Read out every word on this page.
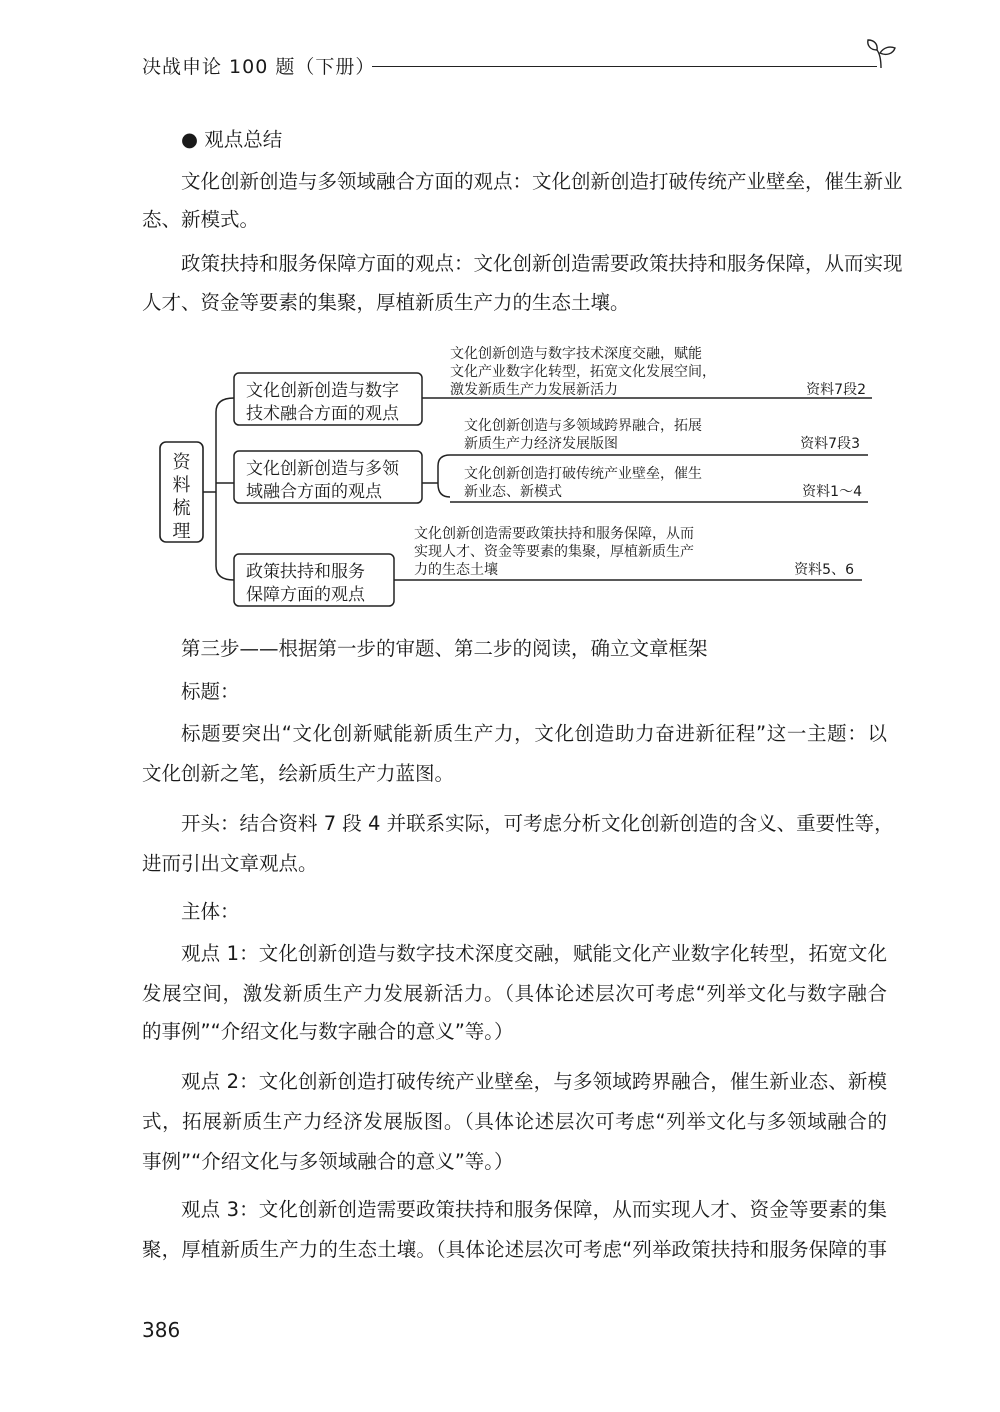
决战申论 100 题（下册）
● 观点总结
文化创新创造与多领域融合方面的观点：文化创新创造打破传统产业壁垒，催生新业
态、新模式。
政策扶持和服务保障方面的观点：文化创新创造需要政策扶持和服务保障，从而实现
人才、资金等要素的集聚，厚植新质生产力的生态土壤。
资
料
梳
理
文化创新创造与数字
技术融合方面的观点
文化创新创造与数字技术深度交融，赋能
文化产业数字化转型，拓宽文化发展空间，
激发新质生产力发展新活力	资料7段2
文化创新创造与多领
域融合方面的观点
文化创新创造与多领域跨界融合，拓展
新质生产力经济发展版图	资料7段3
文化创新创造打破传统产业壁垒，催生
新业态、新模式	资料1～4
政策扶持和服务
保障方面的观点
文化创新创造需要政策扶持和服务保障，从而
实现人才、资金等要素的集聚，厚植新质生产
力的生态土壤	资料5、6
第三步——根据第一步的审题、第二步的阅读，确立文章框架
标题：
标题要突出“文化创新赋能新质生产力，文化创造助力奋进新征程”这一主题：以
文化创新之笔，绘新质生产力蓝图。
开头：结合资料 7 段 4 并联系实际，可考虑分析文化创新创造的含义、重要性等，
进而引出文章观点。
主体：
观点 1：文化创新创造与数字技术深度交融，赋能文化产业数字化转型，拓宽文化
发展空间，激发新质生产力发展新活力。（具体论述层次可考虑“列举文化与数字融合
的事例”“介绍文化与数字融合的意义”等。）
观点 2：文化创新创造打破传统产业壁垒，与多领域跨界融合，催生新业态、新模
式，拓展新质生产力经济发展版图。（具体论述层次可考虑“列举文化与多领域融合的
事例”“介绍文化与多领域融合的意义”等。）
观点 3：文化创新创造需要政策扶持和服务保障，从而实现人才、资金等要素的集
聚，厚植新质生产力的生态土壤。（具体论述层次可考虑“列举政策扶持和服务保障的事
386
